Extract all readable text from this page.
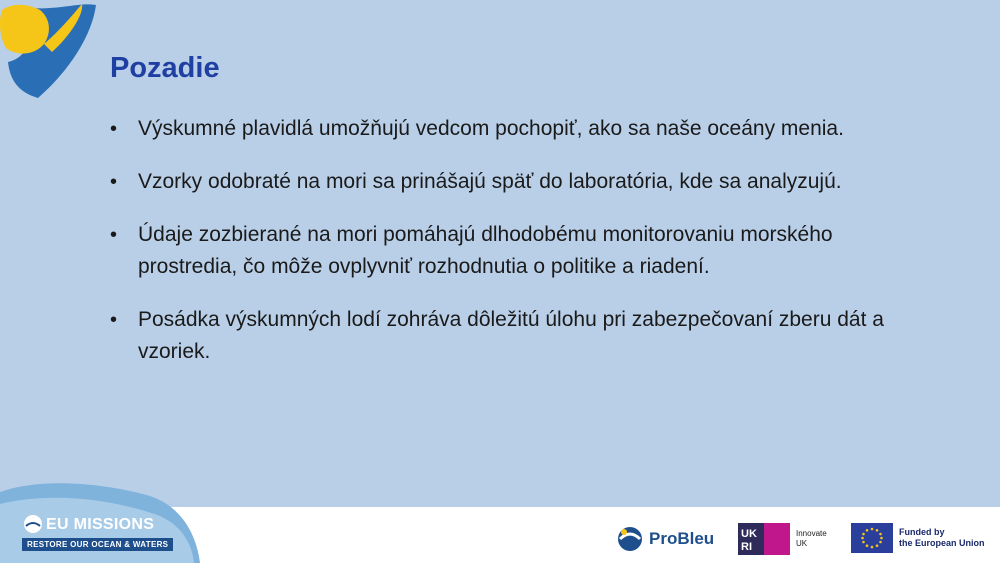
Pozadie
• Výskumné plavidlá umožňujú vedcom pochopiť, ako sa naše oceány menia.
• Vzorky odobraté na mori sa prinášajú späť do laboratória, kde sa analyzujú.
• Údaje zozbierané na mori pomáhajú dlhodobému monitorovaniu morského prostredia, čo môže ovplyvniť rozhodnutia o politike a riadení.
• Posádka výskumných lodí zohráva dôležitú úlohu pri zabezpečovaní zberu dát a vzoriek.
EU MISSIONS
RESTORE OUR OCEAN & WATERS	ProBleu UK
RI
Innovate
UK
Funded by
the European Union
